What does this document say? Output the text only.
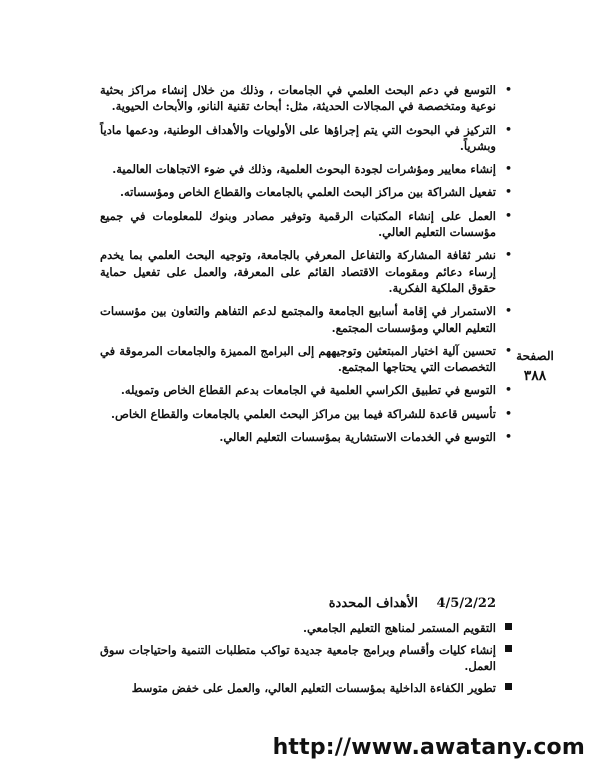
•
التوسع في دعم البحث العلمي في الجامعات ، وذلك من خلال إنشاء مراكز بحثية نوعية ومتخصصة في المجالات الحديثة، مثل: أبحاث تقنية النانو، والأبحاث الحيوية.
•
التركيز في البحوث التي يتم إجراؤها على الأولويات والأهداف الوطنية، ودعمها مادياً وبشرياً.
•
إنشاء معايير ومؤشرات لجودة البحوث العلمية، وذلك في ضوء الاتجاهات العالمية.
•
تفعيل الشراكة بين مراكز البحث العلمي بالجامعات والقطاع الخاص ومؤسساته.
•
العمل على إنشاء المكتبات الرقمية وتوفير مصادر وبنوك للمعلومات في جميع مؤسسات التعليم العالي.
•
نشر ثقافة المشاركة والتفاعل المعرفي بالجامعة، وتوجيه البحث العلمي بما يخدم إرساء دعائم ومقومات الاقتصاد القائم على المعرفة، والعمل على تفعيل حماية حقوق الملكية الفكرية.
•
الاستمرار في إقامة أسابيع الجامعة والمجتمع لدعم التفاهم والتعاون بين مؤسسات التعليم العالي ومؤسسات المجتمع.
•
تحسين آلية اختيار المبتعثين وتوجيههم إلى البرامج المميزة والجامعات المرموقة في التخصصات التي يحتاجها المجتمع.
•
التوسع في تطبيق الكراسي العلمية في الجامعات بدعم القطاع الخاص وتمويله.
•
تأسيس قاعدة للشراكة فيما بين مراكز البحث العلمي بالجامعات والقطاع الخاص.
•
التوسع في الخدمات الاستشارية بمؤسسات التعليم العالي.
الصفحة
٣٨٨
4/5/2/22 الأهداف المحددة
التقويم المستمر لمناهج التعليم الجامعي.
إنشاء كليات وأقسام وبرامج جامعية جديدة تواكب متطلبات التنمية واحتياجات سوق العمل.
تطوير الكفاءة الداخلية بمؤسسات التعليم العالي، والعمل على خفض متوسط
http://www.awatany.com
